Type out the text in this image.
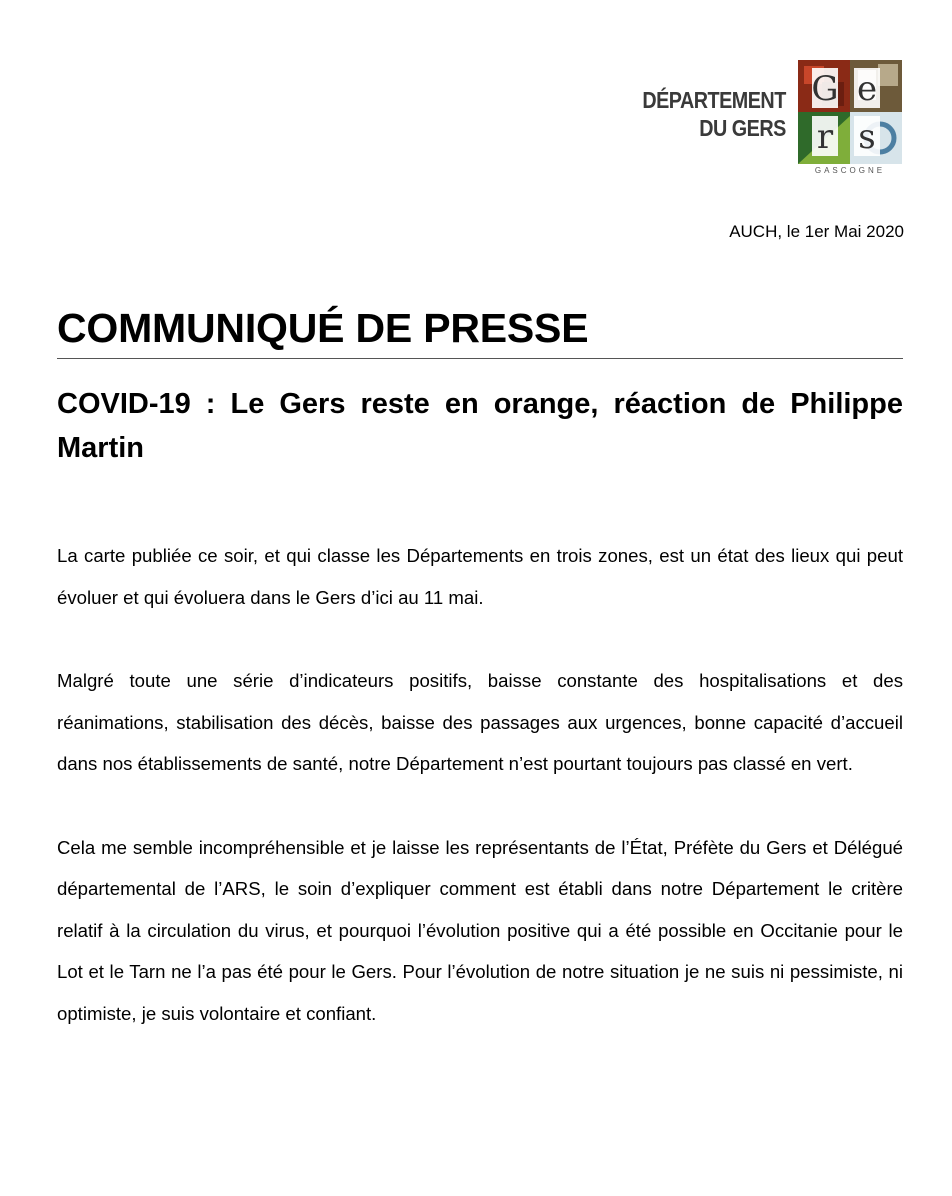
DÉPARTEMENT
DU GERS
G e
r s
GASCOGNE
AUCH, le 1er Mai 2020
COMMUNIQUÉ DE PRESSE
COVID-19 : Le Gers reste en orange, réaction de Philippe Martin

La carte publiée ce soir, et qui classe les Départements en trois zones, est un état des lieux qui peut évoluer et qui évoluera dans le Gers d’ici au 11 mai.

Malgré toute une série d’indicateurs positifs, baisse constante des hospitalisations et des réanimations, stabilisation des décès, baisse des passages aux urgences, bonne capacité d’accueil dans nos établissements de santé, notre Département n’est pourtant toujours pas classé en vert.

Cela me semble incompréhensible et je laisse les représentants de l’État, Préfète du Gers et Délégué départemental de l’ARS, le soin d’expliquer comment est établi dans notre Département le critère relatif à la circulation du virus, et pourquoi l’évolution positive qui a été possible en Occitanie pour le Lot et le Tarn ne l’a pas été pour le Gers. Pour l’évolution de notre situation je ne suis ni pessimiste, ni optimiste, je suis volontaire et confiant.
